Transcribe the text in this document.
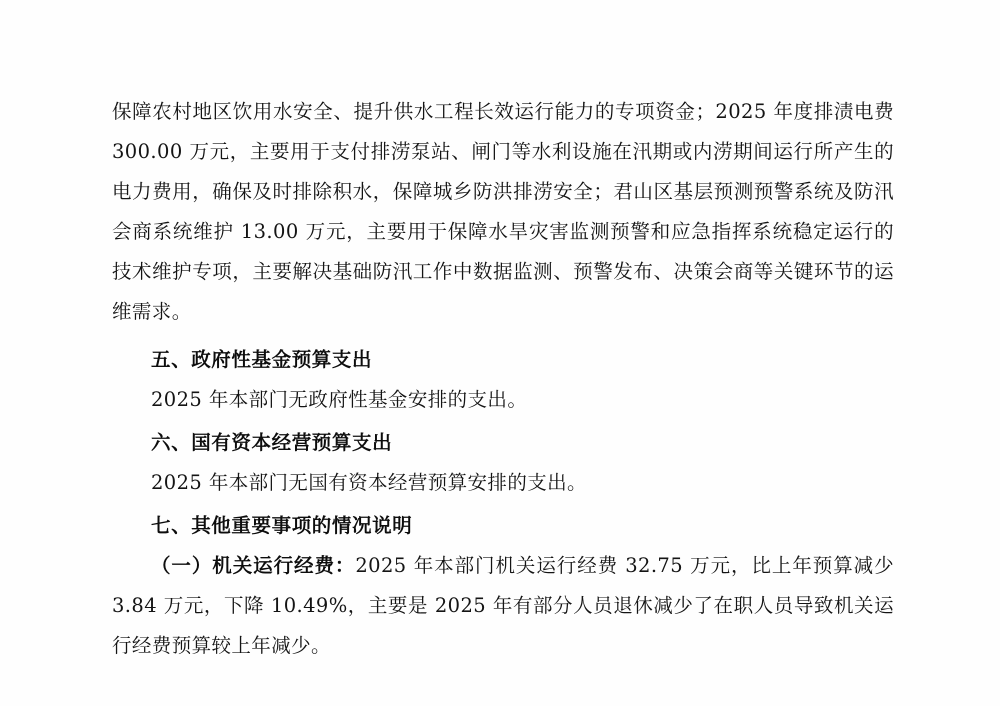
保障农村地区饮用水安全、提升供水工程长效运行能力的专项资金；2025 年度排渍电费 300.00 万元，主要用于支付排涝泵站、闸门等水利设施在汛期或内涝期间运行所产生的电力费用，确保及时排除积水，保障城乡防洪排涝安全；君山区基层预测预警系统及防汛会商系统维护 13.00 万元，主要用于保障水旱灾害监测预警和应急指挥系统稳定运行的技术维护专项，主要解决基础防汛工作中数据监测、预警发布、决策会商等关键环节的运维需求。

五、政府性基金预算支出

2025 年本部门无政府性基金安排的支出。

六、国有资本经营预算支出

2025 年本部门无国有资本经营预算安排的支出。

七、其他重要事项的情况说明

（一）机关运行经费：2025 年本部门机关运行经费 32.75 万元，比上年预算减少 3.84 万元，下降 10.49%，主要是 2025 年有部分人员退休减少了在职人员导致机关运行经费预算较上年减少。
